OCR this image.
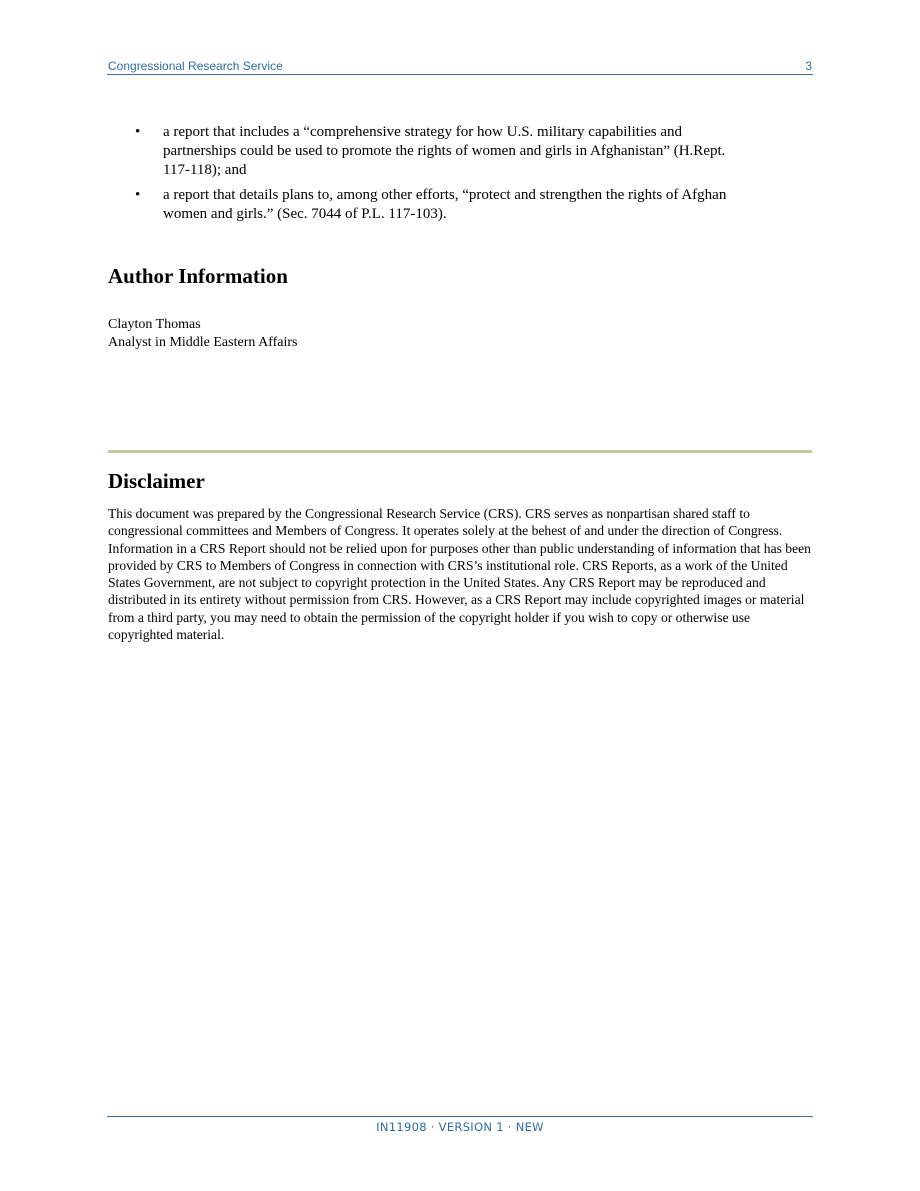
Congressional Research Service	3
• a report that includes a “comprehensive strategy for how U.S. military capabilities and partnerships could be used to promote the rights of women and girls in Afghanistan” (H.Rept. 117-118); and
• a report that details plans to, among other efforts, “protect and strengthen the rights of Afghan women and girls.” (Sec. 7044 of P.L. 117-103).
Author Information
Clayton Thomas
Analyst in Middle Eastern Affairs
Disclaimer

This document was prepared by the Congressional Research Service (CRS). CRS serves as nonpartisan shared staff to congressional committees and Members of Congress. It operates solely at the behest of and under the direction of Congress. Information in a CRS Report should not be relied upon for purposes other than public understanding of information that has been provided by CRS to Members of Congress in connection with CRS’s institutional role. CRS Reports, as a work of the United States Government, are not subject to copyright protection in the United States. Any CRS Report may be reproduced and distributed in its entirety without permission from CRS. However, as a CRS Report may include copyrighted images or material from a third party, you may need to obtain the permission of the copyright holder if you wish to copy or otherwise use copyrighted material.

IN11908 · VERSION 1 · NEW
